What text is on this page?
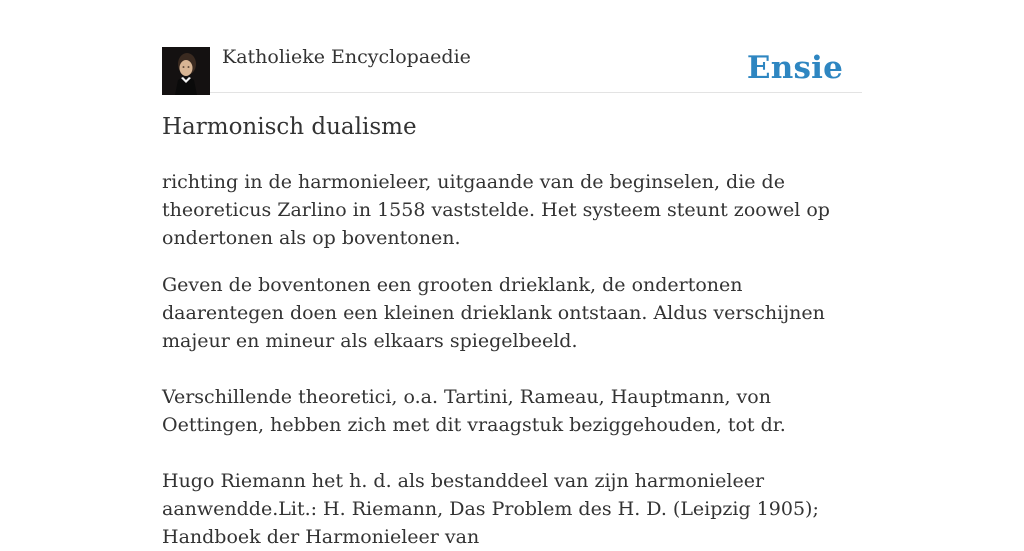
Katholieke Encyclopaedie	Ensie
Harmonisch dualisme

richting in de harmonieleer, uitgaande van de beginselen, die de theoreticus Zarlino in 1558 vaststelde. Het systeem steunt zoowel op ondertonen als op boventonen.

Geven de boventonen een grooten drieklank, de ondertonen daarentegen doen een kleinen drieklank ontstaan. Aldus verschijnen majeur en mineur als elkaars spiegelbeeld.

Verschillende theoretici, o.a. Tartini, Rameau, Hauptmann, von Oettingen, hebben zich met dit vraagstuk beziggehouden, tot dr.

Hugo Riemann het h. d. als bestanddeel van zijn harmonieleer aanwendde.Lit.: H. Riemann, Das Problem des H. D. (Leipzig 1905); Handboek der Harmonieleer van
